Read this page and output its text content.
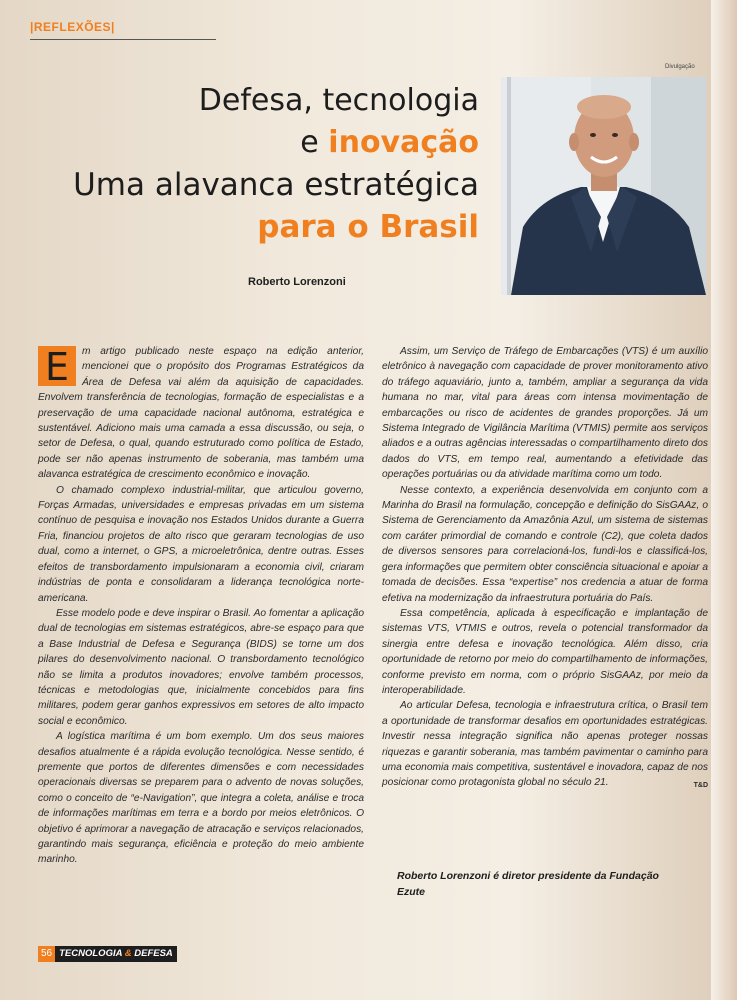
|REFLEXÕES|
Divulgação
Defesa, tecnologia
e inovação
Uma alavanca estratégica
para o Brasil
Roberto Lorenzoni

E	m artigo publicado neste espaço na edição anterior, mencionei que o propósito dos Programas Estratégicos da Área de Defesa vai além da aquisição de capacidades. Envolvem transferência de tecnologias, formação de especialistas e a preservação de uma capacidade nacional autônoma, estratégica e sustentável. Adiciono mais uma camada a essa discussão, ou seja, o setor de Defesa, o qual, quando estruturado como política de Estado, pode ser não apenas instrumento de soberania, mas também uma alavanca estratégica de crescimento econômico e inovação.

O chamado complexo industrial-militar, que articulou governo, Forças Armadas, universidades e empresas privadas em um sistema contínuo de pesquisa e inovação nos Estados Unidos durante a Guerra Fria, financiou projetos de alto risco que geraram tecnologias de uso dual, como a internet, o GPS, a microeletrônica, dentre outras. Esses efeitos de transbordamento impulsionaram a economia civil, criaram indústrias de ponta e consolidaram a liderança tecnológica norte-americana.

Esse modelo pode e deve inspirar o Brasil. Ao fomentar a aplicação dual de tecnologias em sistemas estratégicos, abre-se espaço para que a Base Industrial de Defesa e Segurança (BIDS) se torne um dos pilares do desenvolvimento nacional. O transbordamento tecnológico não se limita a produtos inovadores; envolve também processos, técnicas e metodologias que, inicialmente concebidos para fins militares, podem gerar ganhos expressivos em setores de alto impacto social e econômico.

A logística marítima é um bom exemplo. Um dos seus maiores desafios atualmente é a rápida evolução tecnológica. Nesse sentido, é premente que portos de diferentes dimensões e com necessidades operacionais diversas se preparem para o advento de novas soluções, como o conceito de “e-Navigation”, que integra a coleta, análise e troca de informações marítimas em terra e a bordo por meios eletrônicos. O objetivo é aprimorar a navegação de atracação e serviços relacionados, garantindo mais segurança, eficiência e proteção do meio ambiente marinho.

Assim, um Serviço de Tráfego de Embarcações (VTS) é um auxílio eletrônico à navegação com capacidade de prover monitoramento ativo do tráfego aquaviário, junto a, também, ampliar a segurança da vida humana no mar, vital para áreas com intensa movimentação de embarcações ou risco de acidentes de grandes proporções. Já um Sistema Integrado de Vigilância Marítima (VTMIS) permite aos serviços aliados e a outras agências interessadas o compartilhamento direto dos dados do VTS, em tempo real, aumentando a efetividade das operações portuárias ou da atividade marítima como um todo.

Nesse contexto, a experiência desenvolvida em conjunto com a Marinha do Brasil na formulação, concepção e definição do SisGAAz, o Sistema de Gerenciamento da Amazônia Azul, um sistema de sistemas com caráter primordial de comando e controle (C2), que coleta dados de diversos sensores para correlacioná-los, fundi-los e classificá-los, gera informações que permitem obter consciência situacional e apoiar a tomada de decisões. Essa “expertise” nos credencia a atuar de forma efetiva na modernização da infraestrutura portuária do País.

Essa competência, aplicada à especificação e implantação de sistemas VTS, VTMIS e outros, revela o potencial transformador da sinergia entre defesa e inovação tecnológica. Além disso, cria oportunidade de retorno por meio do compartilhamento de informações, conforme previsto em norma, com o próprio SisGAAz, por meio da interoperabilidade.

Ao articular Defesa, tecnologia e infraestrutura crítica, o Brasil tem a oportunidade de transformar desafios em oportunidades estratégicas. Investir nessa integração significa não apenas proteger nossas riquezas e garantir soberania, mas também pavimentar o caminho para uma economia mais competitiva, sustentável e inovadora, capaz de nos posicionar como protagonista global no século 21.	T&D

Roberto Lorenzoni é diretor presidente da Fundação Ezute
56 TECNOLOGIA & DEFESA
